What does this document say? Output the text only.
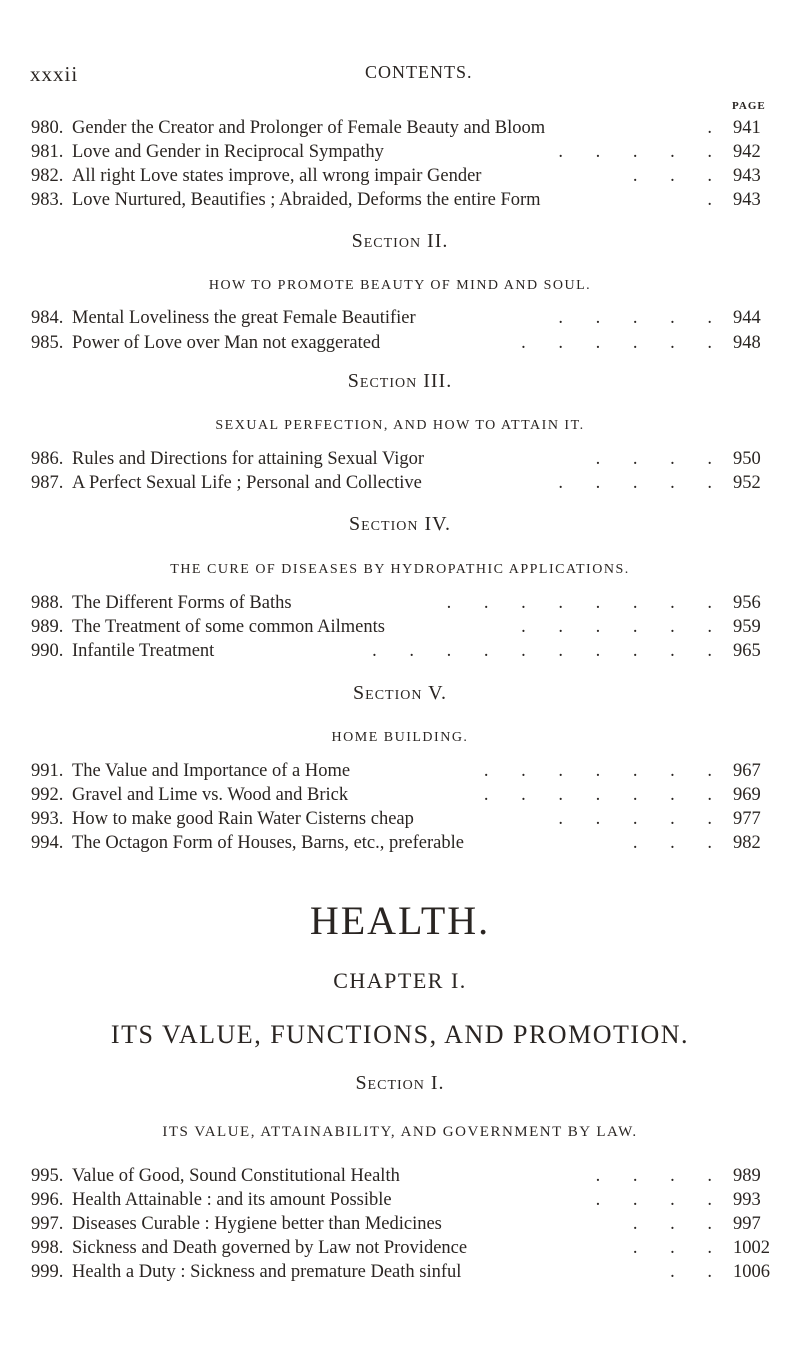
xxxii	CONTENTS.
PAGE
980. Gender the Creator and Prolonger of Female Beauty and Bloom	. 941
981. Love and Gender in Reciprocal Sympathy	. . . . . 942
982. All right Love states improve, all wrong impair Gender	. . . 943
983. Love Nurtured, Beautifies ; Abraided, Deforms the entire Form	. 943
Section II.
HOW TO PROMOTE BEAUTY OF MIND AND SOUL.
984. Mental Loveliness the great Female Beautifier	. . . . . 944
985. Power of Love over Man not exaggerated	. . . . . . 948
Section III.
SEXUAL PERFECTION, AND HOW TO ATTAIN IT.
986. Rules and Directions for attaining Sexual Vigor	. . . . 950
987. A Perfect Sexual Life ; Personal and Collective	. . . . . 952
Section IV.
THE CURE OF DISEASES BY HYDROPATHIC APPLICATIONS.
988. The Different Forms of Baths	. . . . . . . . 956
989. The Treatment of some common Ailments	. . . . . . 959
990. Infantile Treatment	. . . . . . . . . . 965
Section V.
HOME BUILDING.
991. The Value and Importance of a Home	. . . . . . . 967
992. Gravel and Lime vs. Wood and Brick	. . . . . . . 969
993. How to make good Rain Water Cisterns cheap	. . . . . 977
994. The Octagon Form of Houses, Barns, etc., preferable	. . . 982
HEALTH.
CHAPTER I.
ITS VALUE, FUNCTIONS, AND PROMOTION.
Section I.
ITS VALUE, ATTAINABILITY, AND GOVERNMENT BY LAW.
995. Value of Good, Sound Constitutional Health	. . . . 989
996. Health Attainable : and its amount Possible	. . . . 993
997. Diseases Curable : Hygiene better than Medicines	. . . 997
998. Sickness and Death governed by Law not Providence	. . . 1002
999. Health a Duty : Sickness and premature Death sinful	. . 1006
